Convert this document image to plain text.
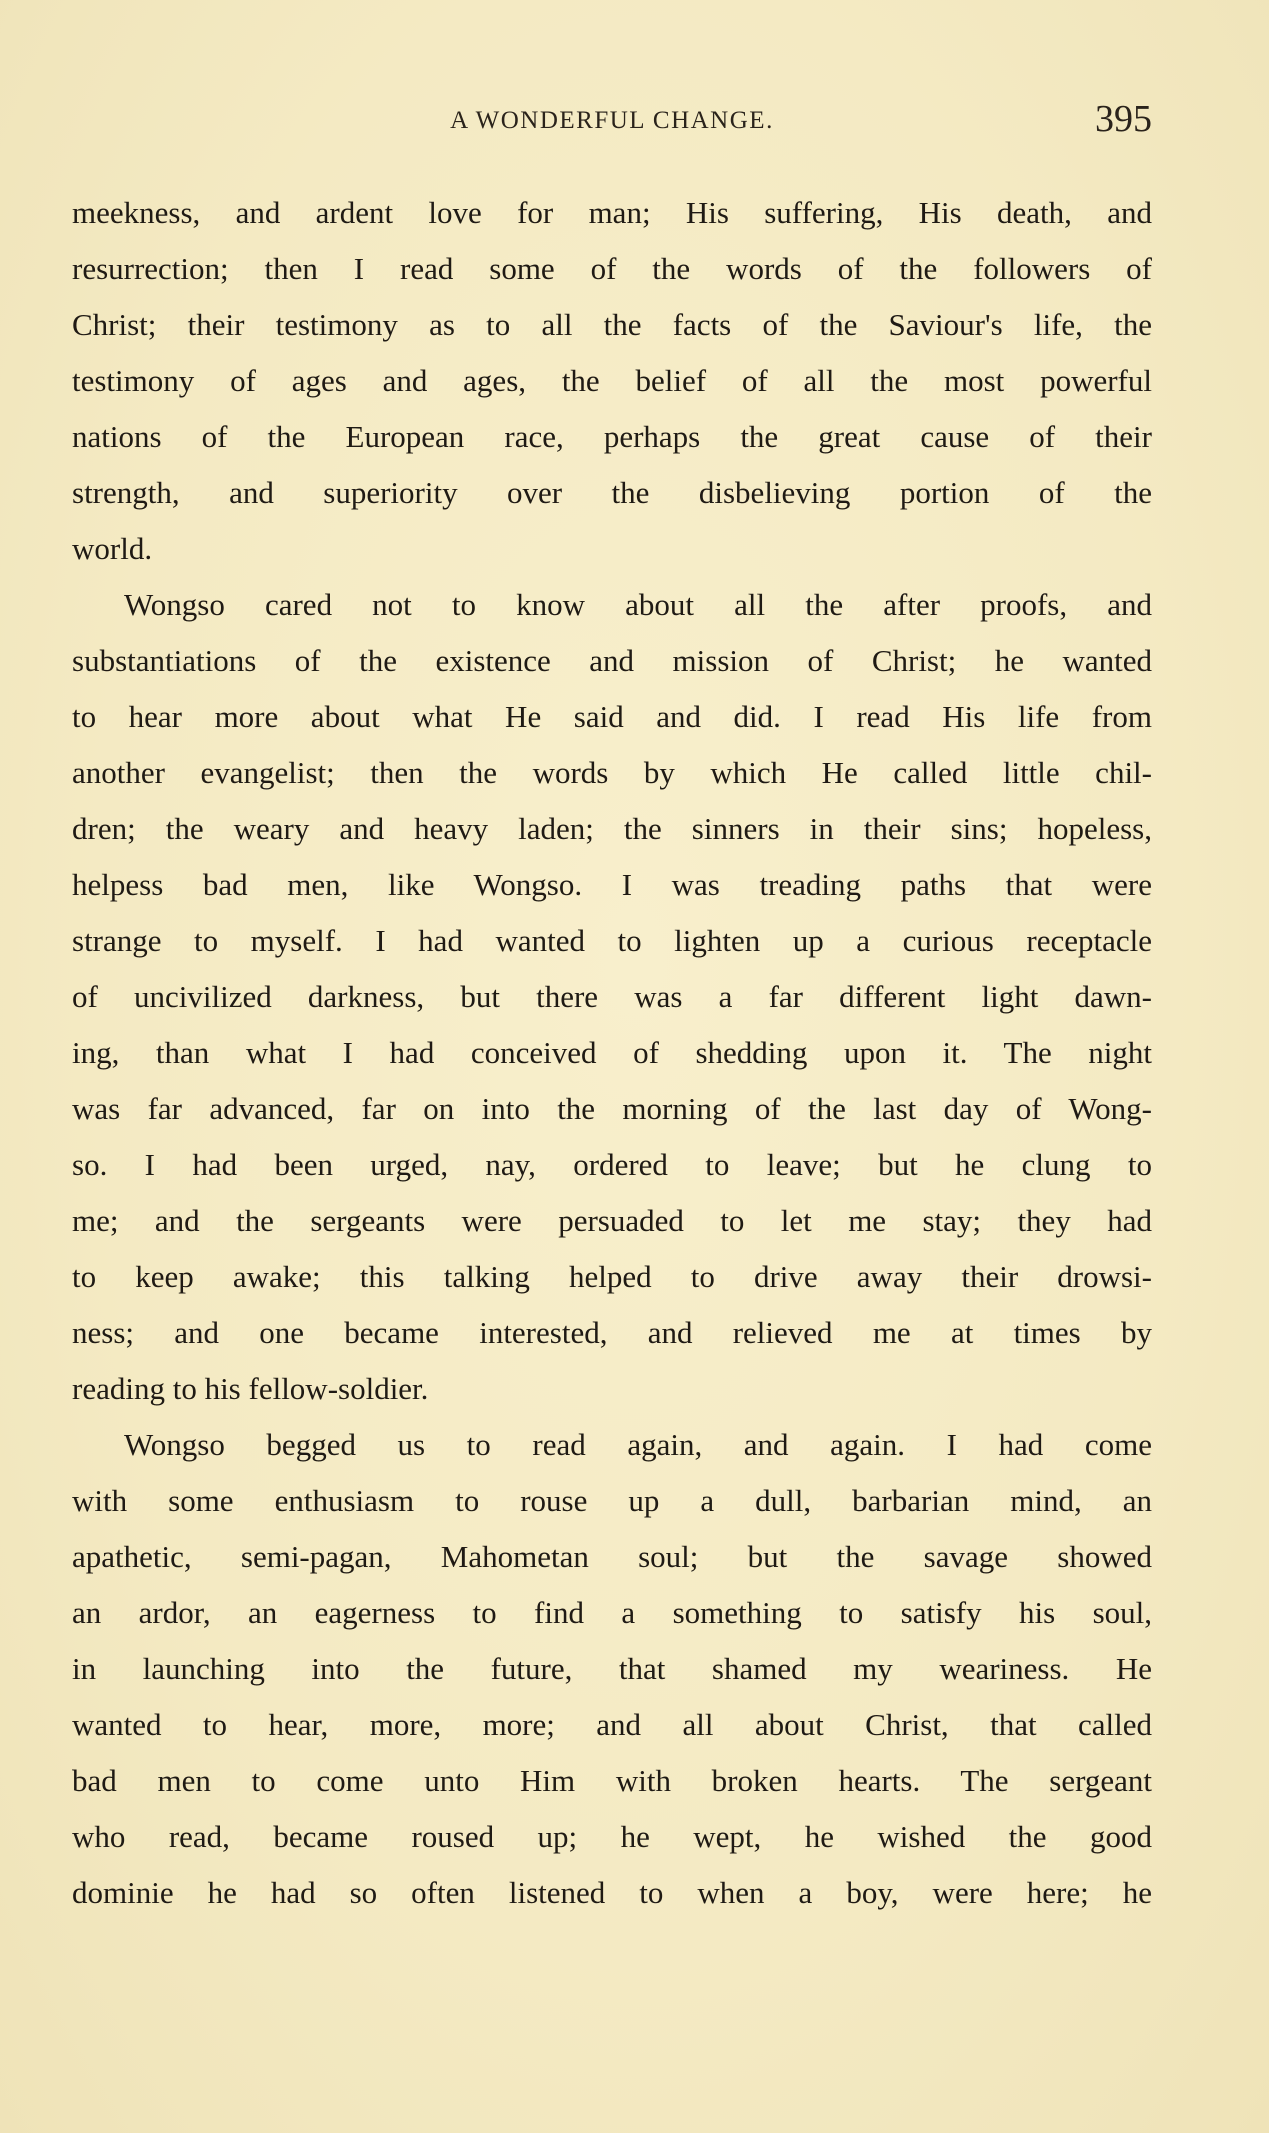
A WONDERFUL CHANGE.	395
meekness, and ardent love for man; His suffering, His death, and
resurrection; then I read some of the words of the followers of
Christ; their testimony as to all the facts of the Saviour's life, the
testimony of ages and ages, the belief of all the most powerful
nations of the European race, perhaps the great cause of their
strength, and superiority over the disbelieving portion of the
world.
Wongso cared not to know about all the after proofs, and
substantiations of the existence and mission of Christ; he wanted
to hear more about what He said and did. I read His life from
another evangelist; then the words by which He called little chil-
dren; the weary and heavy laden; the sinners in their sins; hopeless,
helpess bad men, like Wongso. I was treading paths that were
strange to myself. I had wanted to lighten up a curious receptacle
of uncivilized darkness, but there was a far different light dawn-
ing, than what I had conceived of shedding upon it. The night
was far advanced, far on into the morning of the last day of Wong-
so. I had been urged, nay, ordered to leave; but he clung to
me; and the sergeants were persuaded to let me stay; they had
to keep awake; this talking helped to drive away their drowsi-
ness; and one became interested, and relieved me at times by
reading to his fellow-soldier.
Wongso begged us to read again, and again. I had come
with some enthusiasm to rouse up a dull, barbarian mind, an
apathetic, semi-pagan, Mahometan soul; but the savage showed
an ardor, an eagerness to find a something to satisfy his soul,
in launching into the future, that shamed my weariness. He
wanted to hear, more, more; and all about Christ, that called
bad men to come unto Him with broken hearts. The sergeant
who read, became roused up; he wept, he wished the good
dominie he had so often listened to when a boy, were here; he
